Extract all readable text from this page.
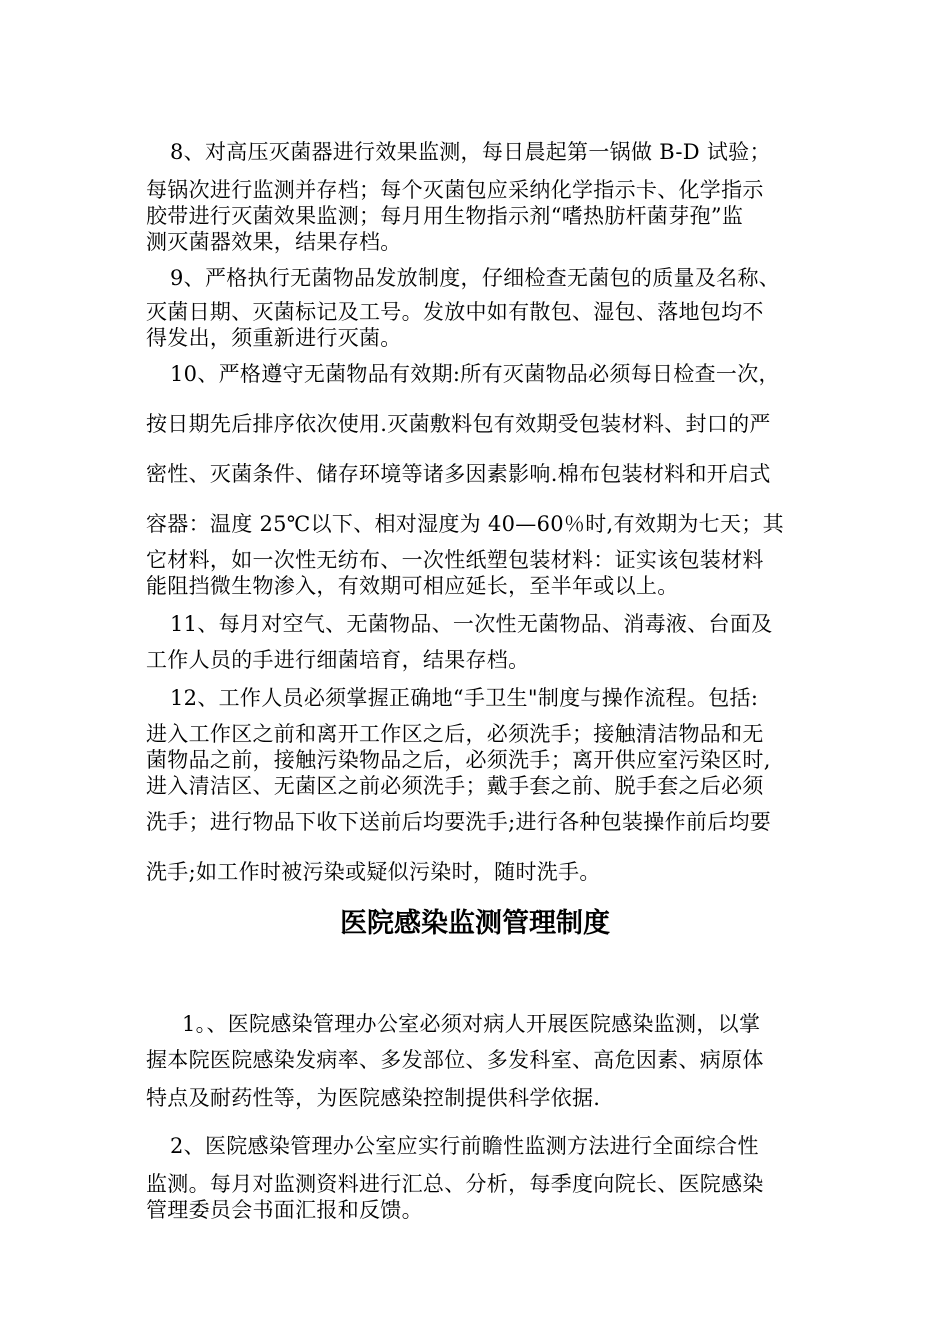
8、对高压灭菌器进行效果监测，每日晨起第一锅做 B-D 试验；
每锅次进行监测并存档；每个灭菌包应采纳化学指示卡、化学指示
胶带进行灭菌效果监测；每月用生物指示剂“嗜热肪杆菌芽孢”监
测灭菌器效果，结果存档。
9、严格执行无菌物品发放制度，仔细检查无菌包的质量及名称、
灭菌日期、灭菌标记及工号。发放中如有散包、湿包、落地包均不
得发出，须重新进行灭菌。
10、严格遵守无菌物品有效期:所有灭菌物品必须每日检查一次，
按日期先后排序依次使用.灭菌敷料包有效期受包装材料、封口的严
密性、灭菌条件、储存环境等诸多因素影响.棉布包装材料和开启式
容器：温度 25℃以下、相对湿度为 40—60％时,有效期为七天；其
它材料，如一次性无纺布、一次性纸塑包装材料：证实该包装材料
能阻挡微生物渗入，有效期可相应延长，至半年或以上。
11、每月对空气、无菌物品、一次性无菌物品、消毒液、台面及
工作人员的手进行细菌培育，结果存档。
12、工作人员必须掌握正确地“手卫生"制度与操作流程。包括:
进入工作区之前和离开工作区之后，必须洗手；接触清洁物品和无
菌物品之前，接触污染物品之后，必须洗手；离开供应室污染区时,
进入清洁区、无菌区之前必须洗手；戴手套之前、脱手套之后必须
洗手；进行物品下收下送前后均要洗手;进行各种包装操作前后均要
洗手;如工作时被污染或疑似污染时，随时洗手。
医院感染监测管理制度
1。、医院感染管理办公室必须对病人开展医院感染监测，以掌
握本院医院感染发病率、多发部位、多发科室、高危因素、病原体
特点及耐药性等，为医院感染控制提供科学依据.
2、医院感染管理办公室应实行前瞻性监测方法进行全面综合性
监测。每月对监测资料进行汇总、分析，每季度向院长、医院感染
管理委员会书面汇报和反馈。
